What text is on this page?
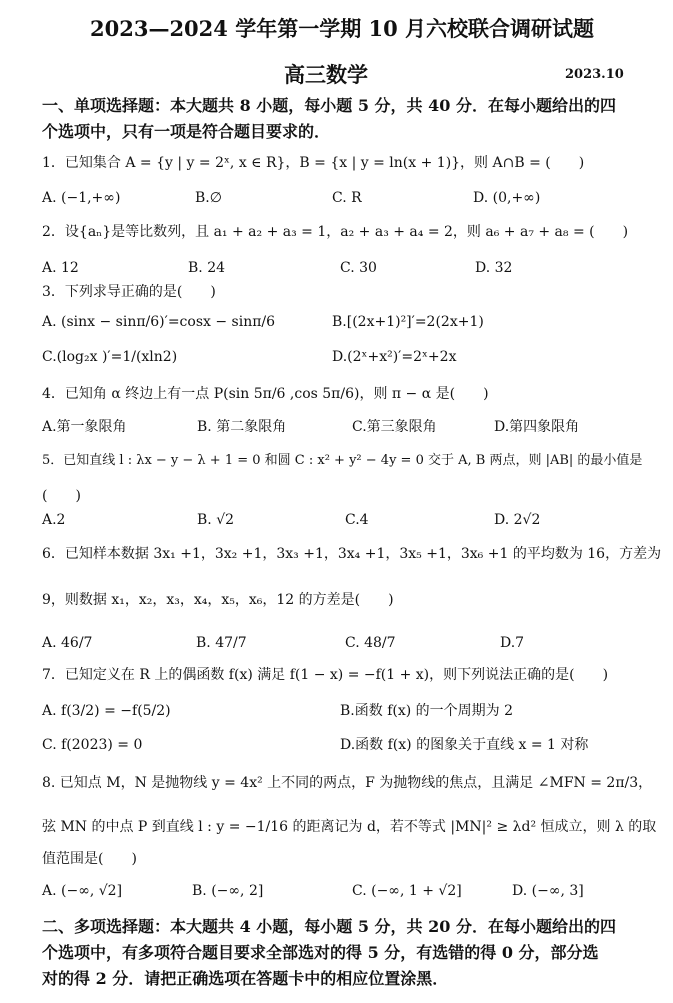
2023—2024 学年第一学期 10 月六校联合调研试题
高三数学	2023.10
一、单项选择题：本大题共 8 小题，每小题 5 分，共 40 分．在每小题给出的四
个选项中，只有一项是符合题目要求的．
1．已知集合 A = {y | y = 2ˣ, x ∈ R}，B = {x | y = ln(x + 1)}，则 A∩B = (　　)
A. (−1,+∞)	B.∅	C. R	D. (0,+∞)
2．设{aₙ}是等比数列，且 a₁ + a₂ + a₃ = 1，a₂ + a₃ + a₄ = 2，则 a₆ + a₇ + a₈ = (　　)
A. 12	B. 24	C. 30	D. 32
3．下列求导正确的是(　　)
A. (sinx − sinπ/6)′=cosx − sinπ/6	B.[(2x+1)²]′=2(2x+1)
C.(log₂x )′=1/(xln2)	D.(2ˣ+x²)′=2ˣ+2x
4．已知角 α 终边上有一点 P(sin 5π/6 ,cos 5π/6)，则 π − α 是(　　)
A.第一象限角	B. 第二象限角	C.第三象限角	D.第四象限角
5．已知直线 l : λx − y − λ + 1 = 0 和圆 C : x² + y² − 4y = 0 交于 A, B 两点，则 |AB| 的最小值是
(　　)
A.2	B. √2	C.4	D. 2√2
6．已知样本数据 3x₁ +1，3x₂ +1，3x₃ +1，3x₄ +1，3x₅ +1，3x₆ +1 的平均数为 16，方差为
9，则数据 x₁，x₂，x₃，x₄，x₅，x₆，12 的方差是(　　)
A. 46/7	B. 47/7	C. 48/7	D.7
7．已知定义在 R 上的偶函数 f(x) 满足 f(1 − x) = −f(1 + x)，则下列说法正确的是(　　)
A. f(3/2) = −f(5/2)	B.函数 f(x) 的一个周期为 2
C. f(2023) = 0	D.函数 f(x) 的图象关于直线 x = 1 对称
8. 已知点 M，N 是抛物线 y = 4x² 上不同的两点，F 为抛物线的焦点，且满足 ∠MFN = 2π/3，
弦 MN 的中点 P 到直线 l : y = −1/16 的距离记为 d，若不等式 |MN|² ≥ λd² 恒成立，则 λ 的取
值范围是(　　)
A. (−∞, √2]	B. (−∞, 2]	C. (−∞, 1 + √2]	D. (−∞, 3]
二、多项选择题：本大题共 4 小题，每小题 5 分，共 20 分．在每小题给出的四
个选项中，有多项符合题目要求全部选对的得 5 分，有选错的得 0 分，部分选
对的得 2 分．请把正确选项在答题卡中的相应位置涂黑．
